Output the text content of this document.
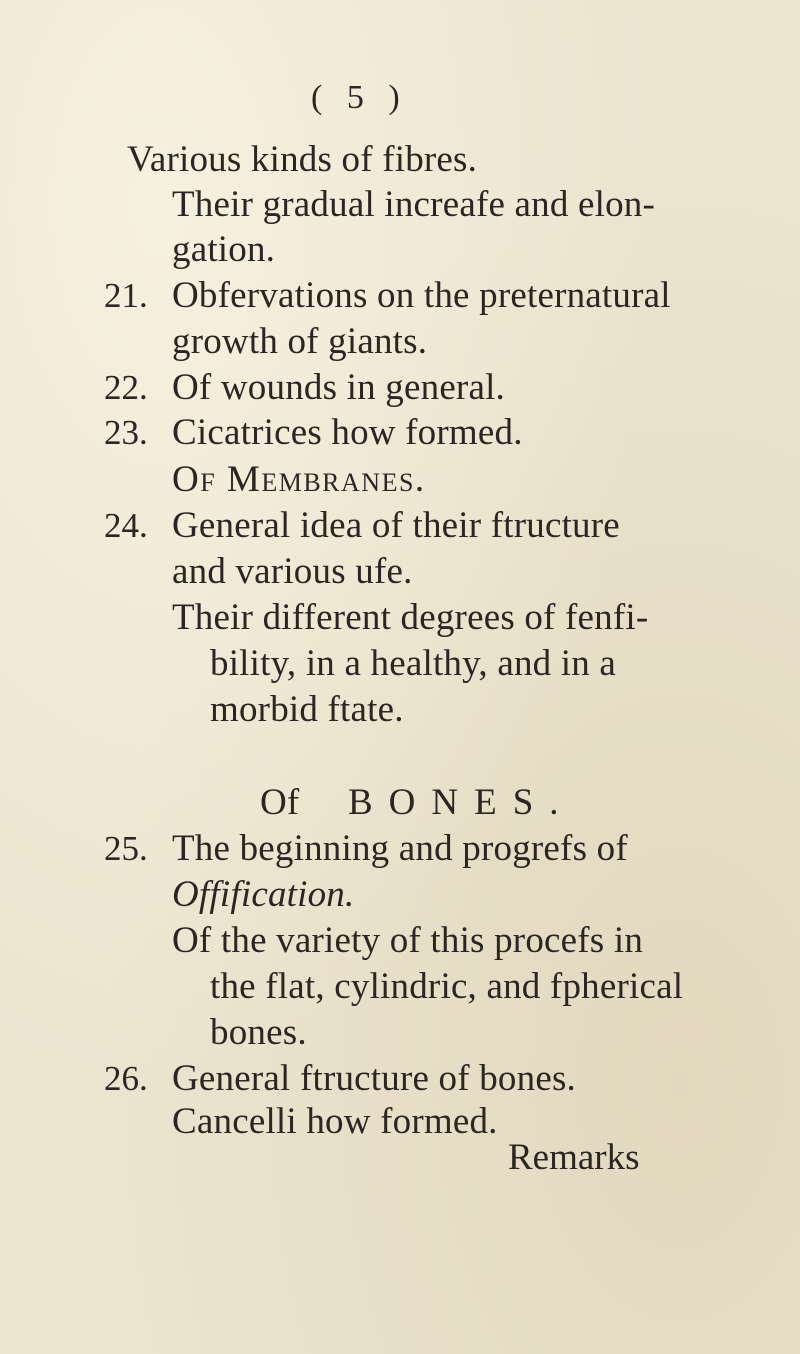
( 5 )
Various kinds of fibres.
Their gradual increafe and elon-
gation.
21. Obfervations on the preternatural
growth of giants.
22. Of wounds in general.
23. Cicatrices how formed.
Of Membranes.
24. General idea of their ftructure
and various ufe.
Their different degrees of fenfi-
bility, in a healthy, and in a
morbid ftate.
Of BONES.
25. The beginning and progrefs of
Offification.
Of the variety of this procefs in
the flat, cylindric, and fpherical
bones.
26. General ftructure of bones.
Cancelli how formed.
Remarks
